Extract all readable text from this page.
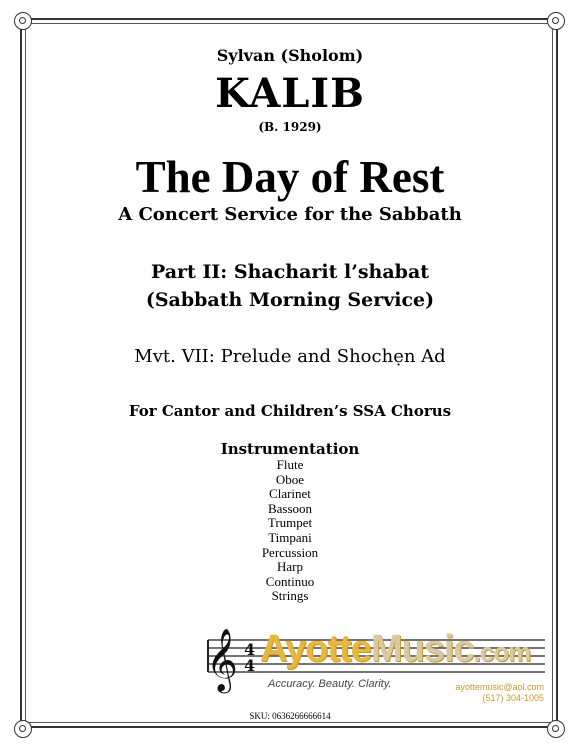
Sylvan (Sholom)
KALIB
(B. 1929)
The Day of Rest
A Concert Service for the Sabbath
Part II: Shacharit l’shabat
(Sabbath Morning Service)
Mvt. VII: Prelude and Shochẹn Ad
For Cantor and Children’s SSA Chorus
Instrumentation
Flute
Oboe
Clarinet
Bassoon
Trumpet
Timpani
Percussion
Harp
Continuo
Strings
𝄞 4
4 AyotteMusic.com
Accuracy. Beauty. Clarity.	ayottemusic@aol.com
(517) 304-1005
SKU: 0636266666614
